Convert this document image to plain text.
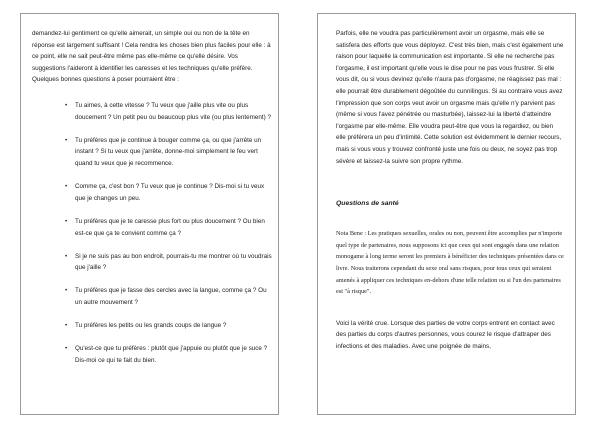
demandez-lui gentiment ce qu'elle aimerait, un simple oui ou non de la tête en réponse est largement suffisant ! Cela rendra les choses bien plus faciles pour elle : à ce point, elle ne sait peut-être même pas elle-même ce qu'elle désire. Vos suggestions l'aideront à identifier les caresses et les techniques qu'elle préfère. Quelques bonnes questions à poser pourraient être :

• Tu aimes, à cette vitesse ? Tu veux que j'aille plus vite ou plus doucement ? Un petit peu ou beaucoup plus vite (ou plus lentement) ?
• Tu préfères que je continue à bouger comme ça, ou que j'arrête un instant ? Si tu veux que j'arrête, donne-moi simplement le feu vert quand tu veux que je recommence.
• Comme ça, c'est bon ? Tu veux que je continue ? Dis-moi si tu veux que je changes un peu.
• Tu préfères que je te caresse plus fort ou plus doucement ? Ou bien est-ce que ça te convient comme ça ?
• Si je ne suis pas au bon endroit, pourrais-tu me montrer où tu voudrais que j'aille ?
• Tu préfères que je fasse des cercles avec la langue, comme ça ? Ou un autre mouvement ?
• Tu préfères les petits ou les grands coups de langue ?
• Qu'est-ce que tu préfères : plutôt que j'appuie ou plutôt que je suce ? Dis-moi ce qui te fait du bien.

Parfois, elle ne voudra pas particulièrement avoir un orgasme, mais elle se satisfera des efforts que vous déployez. C'est très bien, mais c'est également une raison pour laquelle la communication est importante. Si elle ne recherche pas l'orgasme, il est important qu'elle vous le dise pour ne pas vous frustrer. Si elle vous dit, ou si vous devinez qu'elle n'aura pas d'orgasme, ne réagissez pas mal : elle pourrait être durablement dégoûtée du cunnilingus. Si au contraire vous avez l'impression que son corps veut avoir un orgasme mais qu'elle n'y parvient pas (même si vous l'avez pénétrée ou masturbée), laissez-lui la liberté d'atteindre l'orgasme par elle-même. Elle voudra peut-être que vous la regardiez, ou bien elle préférera un peu d'intimité. Cette solution est évidemment le dernier recours, mais si vous vous y trouvez confronté juste une fois ou deux, ne soyez pas trop sévère et laissez-la suivre son propre rythme.

Questions de santé

Nota Bene : Les pratiques sexuelles, orales ou non, peuvent être accomplies par n'importe quel type de partenaires, nous supposons ici que ceux qui sont engagés dans une relation monogame à long terme seront les premiers à bénéficier des techniques présentées dans ce livre. Nous traiterons cependant du sexe oral sans risques, pour tous ceux qui seraient amenés à appliquer ces techniques en-dehors d'une telle relation ou si l'un des partenaires est "à risque".

Voici la vérité crue. Lorsque des parties de votre corps entrent en contact avec des parties du corps d'autres personnes, vous courez le risque d'attraper des infections et des maladies. Avec une poignée de mains,
